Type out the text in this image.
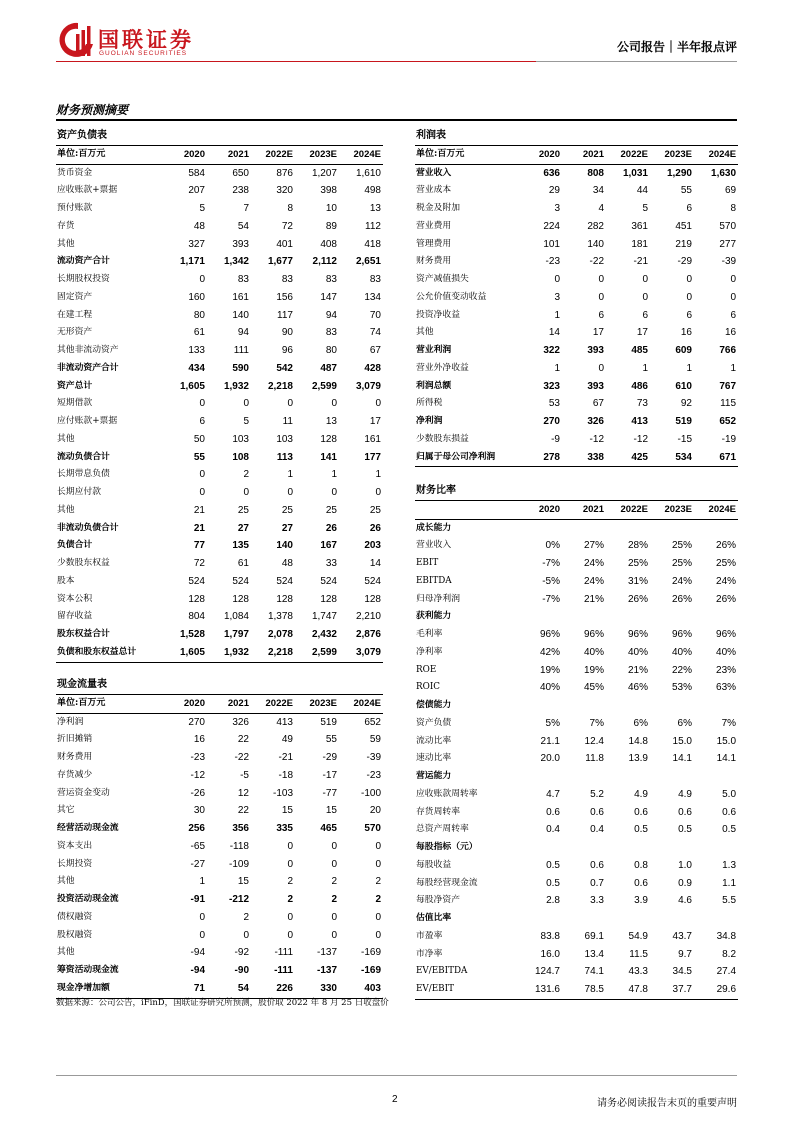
国联证券
GUOLIAN SECURITIES	公司报告｜半年报点评
财务预测摘要
资产负债表					
单位:百万元	2020	2021	2022E	2023E	2024E
货币资金	584	650	876	1,207	1,610
应收账款+票据	207	238	320	398	498
预付账款	5	7	8	10	13
存货	48	54	72	89	112
其他	327	393	401	408	418
流动资产合计	1,171	1,342	1,677	2,112	2,651
长期股权投资	0	83	83	83	83
固定资产	160	161	156	147	134
在建工程	80	140	117	94	70
无形资产	61	94	90	83	74
其他非流动资产	133	111	96	80	67
非流动资产合计	434	590	542	487	428
资产总计	1,605	1,932	2,218	2,599	3,079
短期借款	0	0	0	0	0
应付账款+票据	6	5	11	13	17
其他	50	103	103	128	161
流动负债合计	55	108	113	141	177
长期带息负债	0	2	1	1	1
长期应付款	0	0	0	0	0
其他	21	25	25	25	25
非流动负债合计	21	27	27	26	26
负债合计	77	135	140	167	203
少数股东权益	72	61	48	33	14
股本	524	524	524	524	524
资本公积	128	128	128	128	128
留存收益	804	1,084	1,378	1,747	2,210
股东权益合计	1,528	1,797	2,078	2,432	2,876
负债和股东权益总计	1,605	1,932	2,218	2,599	3,079
利润表					
单位:百万元	2020	2021	2022E	2023E	2024E
营业收入	636	808	1,031	1,290	1,630
营业成本	29	34	44	55	69
税金及附加	3	4	5	6	8
营业费用	224	282	361	451	570
管理费用	101	140	181	219	277
财务费用	-23	-22	-21	-29	-39
资产减值损失	0	0	0	0	0
公允价值变动收益	3	0	0	0	0
投资净收益	1	6	6	6	6
其他	14	17	17	16	16
营业利润	322	393	485	609	766
营业外净收益	1	0	1	1	1
利润总额	323	393	486	610	767
所得税	53	67	73	92	115
净利润	270	326	413	519	652
少数股东损益	-9	-12	-12	-15	-19
归属于母公司净利润	278	338	425	534	671
财务比率					
	2020	2021	2022E	2023E	2024E
成长能力					
营业收入	0%	27%	28%	25%	26%
EBIT	-7%	24%	25%	25%	25%
EBITDA	-5%	24%	31%	24%	24%
归母净利润	-7%	21%	26%	26%	26%
获利能力					
毛利率	96%	96%	96%	96%	96%
净利率	42%	40%	40%	40%	40%
ROE	19%	19%	21%	22%	23%
ROIC	40%	45%	46%	53%	63%
偿债能力					
资产负债	5%	7%	6%	6%	7%
流动比率	21.1	12.4	14.8	15.0	15.0
速动比率	20.0	11.8	13.9	14.1	14.1
营运能力					
应收账款周转率	4.7	5.2	4.9	4.9	5.0
存货周转率	0.6	0.6	0.6	0.6	0.6
总资产周转率	0.4	0.4	0.5	0.5	0.5
每股指标（元）					
每股收益	0.5	0.6	0.8	1.0	1.3
每股经营现金流	0.5	0.7	0.6	0.9	1.1
每股净资产	2.8	3.3	3.9	4.6	5.5
估值比率					
市盈率	83.8	69.1	54.9	43.7	34.8
市净率	16.0	13.4	11.5	9.7	8.2
EV/EBITDA	124.7	74.1	43.3	34.5	27.4
EV/EBIT	131.6	78.5	47.8	37.7	29.6
现金流量表					
单位:百万元	2020	2021	2022E	2023E	2024E
净利润	270	326	413	519	652
折旧摊销	16	22	49	55	59
财务费用	-23	-22	-21	-29	-39
存货减少	-12	-5	-18	-17	-23
营运资金变动	-26	12	-103	-77	-100
其它	30	22	15	15	20
经营活动现金流	256	356	335	465	570
资本支出	-65	-118	0	0	0
长期投资	-27	-109	0	0	0
其他	1	15	2	2	2
投资活动现金流	-91	-212	2	2	2
债权融资	0	2	0	0	0
股权融资	0	0	0	0	0
其他	-94	-92	-111	-137	-169
筹资活动现金流	-94	-90	-111	-137	-169
现金净增加额	71	54	226	330	403
数据来源：公司公告，iFinD，国联证券研究所预测，股价取 2022 年 8 月 25 日收盘价
2	请务必阅读报告末页的重要声明
